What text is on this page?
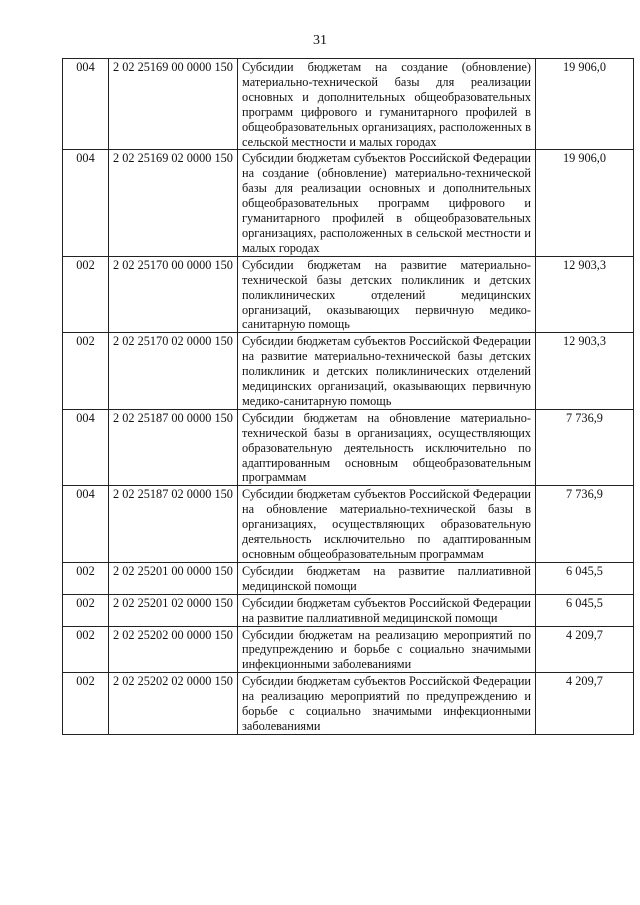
31
004	2 02 25169 00 0000 150	Субсидии бюджетам на создание (обновление) материально-технической базы для реализации основных и дополнительных общеобразовательных программ цифрового и гуманитарного профилей в общеобразовательных организациях, расположенных в сельской местности и малых городах	19 906,0
004	2 02 25169 02 0000 150	Субсидии бюджетам субъектов Российской Федерации на создание (обновление) материально-технической базы для реализации основных и дополнительных общеобразовательных программ цифрового и гуманитарного профилей в общеобразовательных организациях, расположенных в сельской местности и малых городах	19 906,0
002	2 02 25170 00 0000 150	Субсидии бюджетам на развитие материально-технической базы детских поликлиник и детских поликлинических отделений медицинских организаций, оказывающих первичную медико-санитарную помощь	12 903,3
002	2 02 25170 02 0000 150	Субсидии бюджетам субъектов Российской Федерации на развитие материально-технической базы детских поликлиник и детских поликлинических отделений медицинских организаций, оказывающих первичную медико-санитарную помощь	12 903,3
004	2 02 25187 00 0000 150	Субсидии бюджетам на обновление материально-технической базы в организациях, осуществляющих образовательную деятельность исключительно по адаптированным основным общеобразовательным программам	7 736,9
004	2 02 25187 02 0000 150	Субсидии бюджетам субъектов Российской Федерации на обновление материально-технической базы в организациях, осуществляющих образовательную деятельность исключительно по адаптированным основным общеобразовательным программам	7 736,9
002	2 02 25201 00 0000 150	Субсидии бюджетам на развитие паллиативной медицинской помощи	6 045,5
002	2 02 25201 02 0000 150	Субсидии бюджетам субъектов Российской Федерации на развитие паллиативной медицинской помощи	6 045,5
002	2 02 25202 00 0000 150	Субсидии бюджетам на реализацию мероприятий по предупреждению и борьбе с социально значимыми инфекционными заболеваниями	4 209,7
002	2 02 25202 02 0000 150	Субсидии бюджетам субъектов Российской Федерации на реализацию мероприятий по предупреждению и борьбе с социально значимыми инфекционными заболеваниями	4 209,7
